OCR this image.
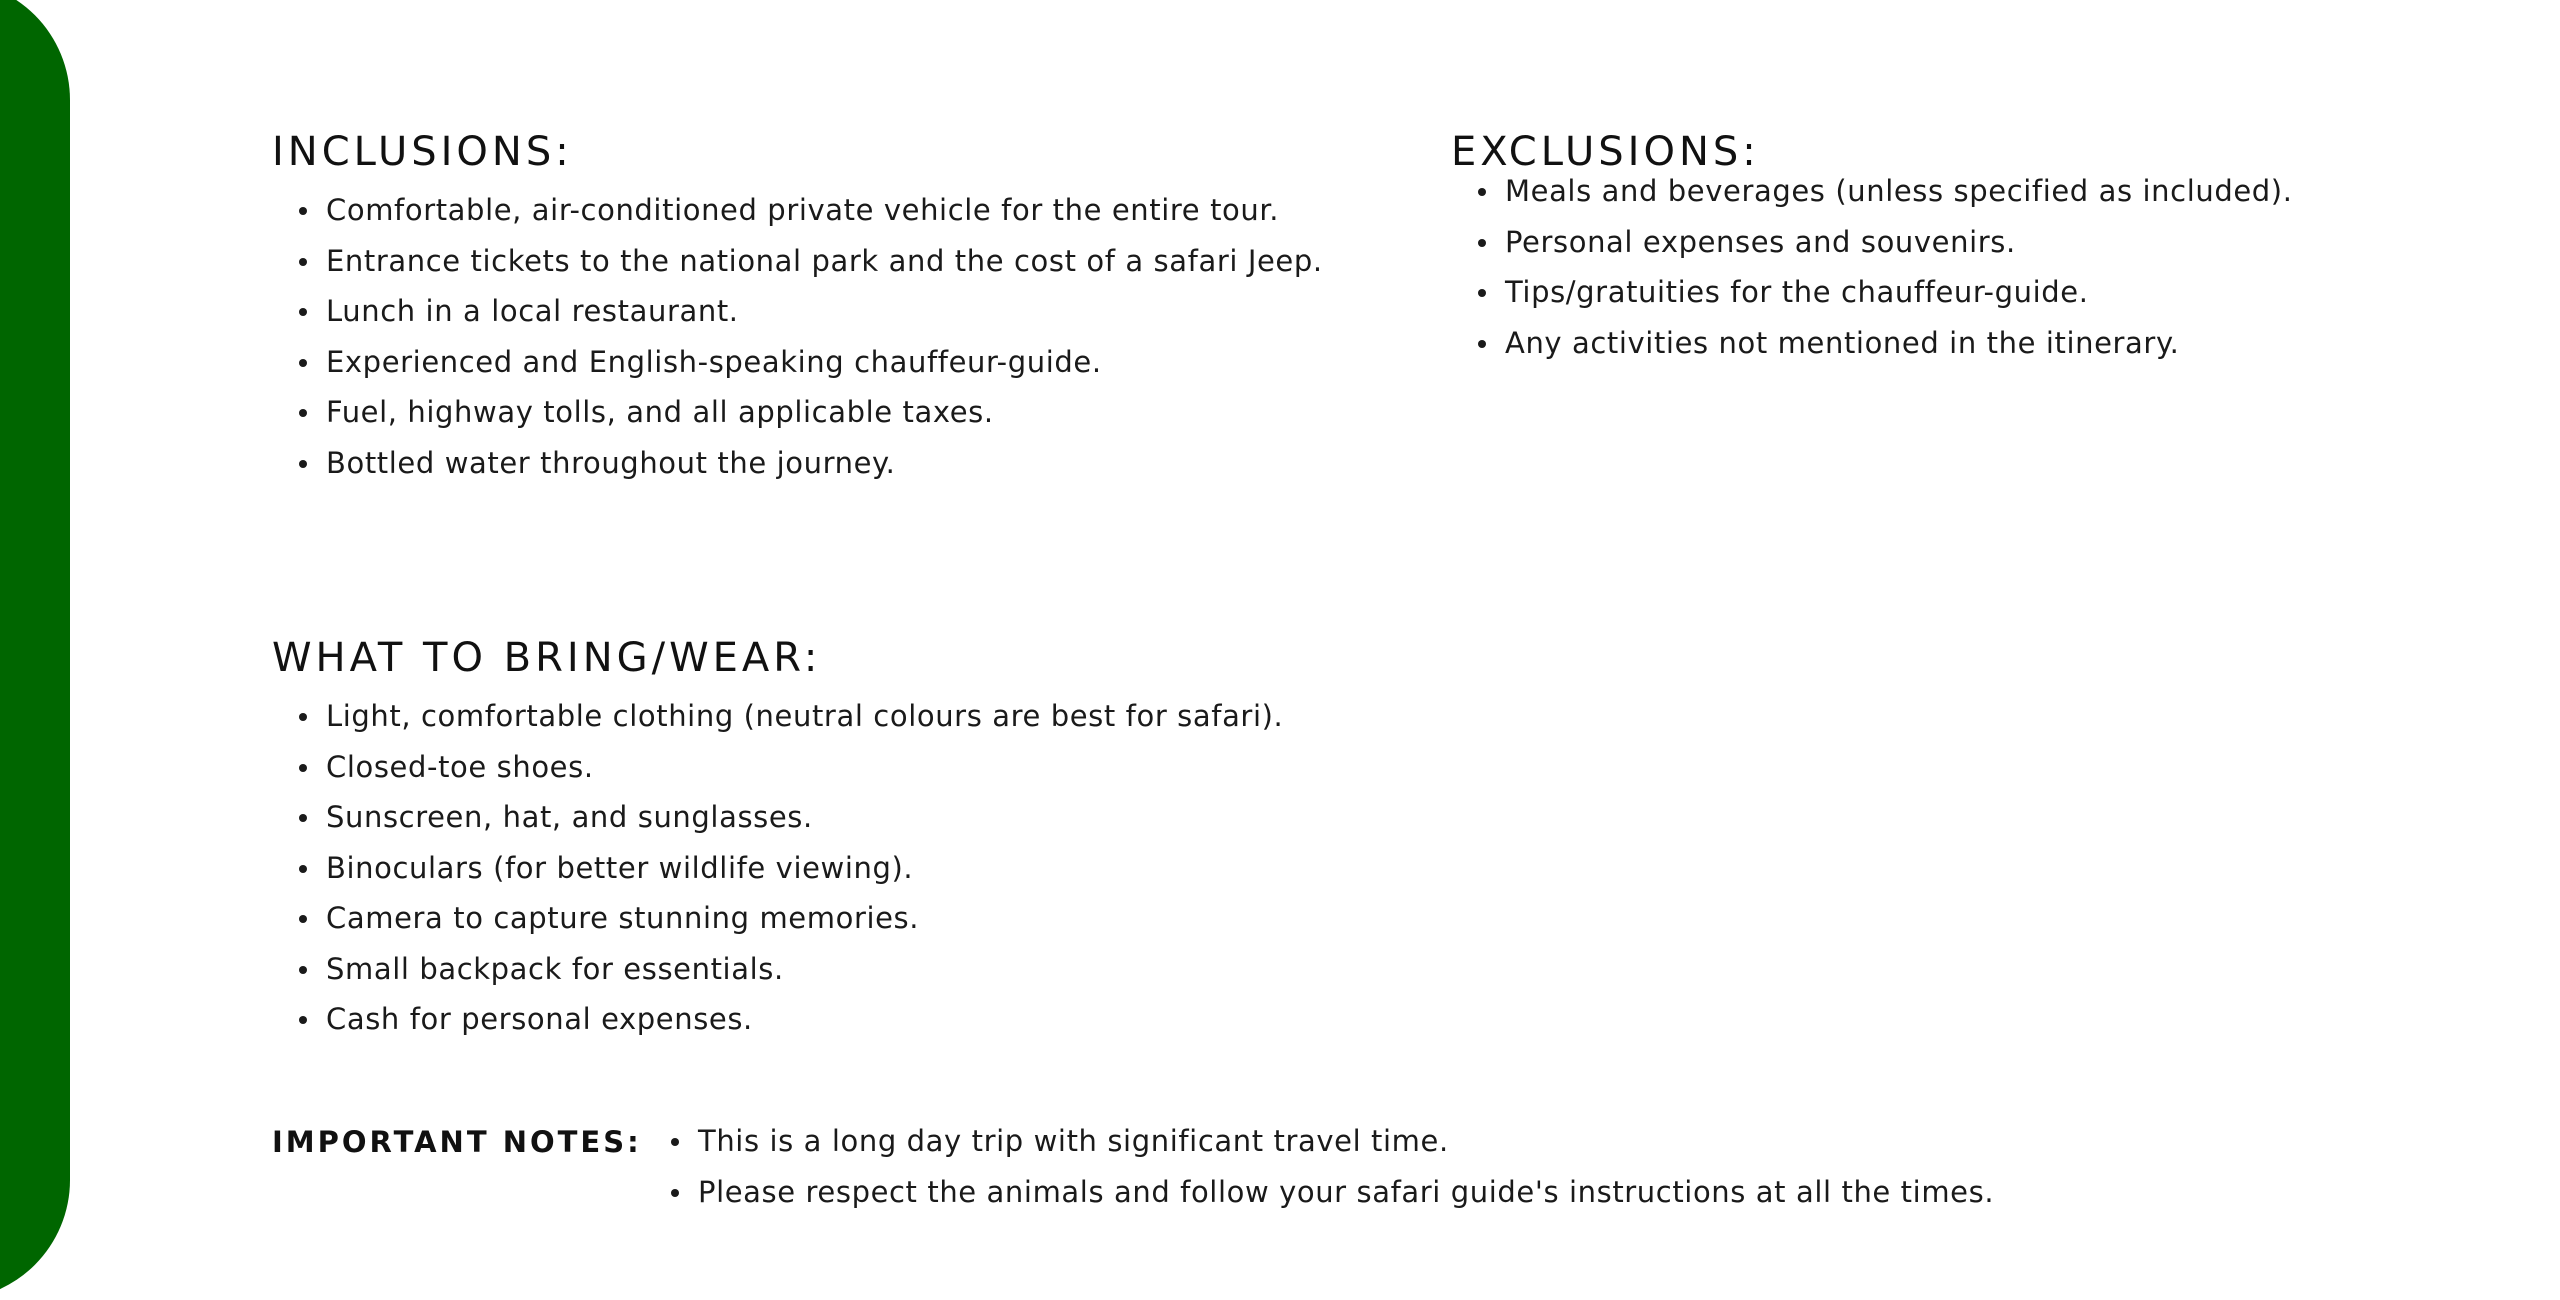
INCLUSIONS:
Comfortable, air-conditioned private vehicle for the entire tour.
Entrance tickets to the national park and the cost of a safari Jeep.
Lunch in a local restaurant.
Experienced and English-speaking chauffeur-guide.
Fuel, highway tolls, and all applicable taxes.
Bottled water throughout the journey.
EXCLUSIONS:
Meals and beverages (unless specified as included).
Personal expenses and souvenirs.
Tips/gratuities for the chauffeur-guide.
Any activities not mentioned in the itinerary.
WHAT TO BRING/WEAR:
Light, comfortable clothing (neutral colours are best for safari).
Closed-toe shoes.
Sunscreen, hat, and sunglasses.
Binoculars (for better wildlife viewing).
Camera to capture stunning memories.
Small backpack for essentials.
Cash for personal expenses.
IMPORTANT NOTES:	This is a long day trip with significant travel time.
Please respect the animals and follow your safari guide's instructions at all the times.
